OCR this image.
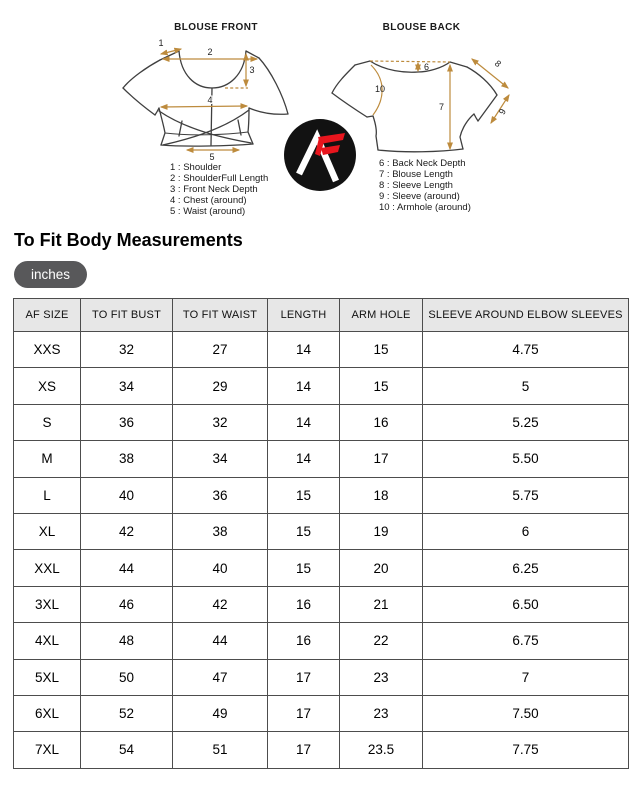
BLOUSE FRONT	BLOUSE BACK
1
2
3
4
5
6
7
8
9
10
1 : Shoulder
2 : ShoulderFull Length
3 : Front Neck Depth
4 : Chest (around)
5 : Waist (around)
6 : Back Neck Depth
7 : Blouse Length
8 : Sleeve Length
9 : Sleeve (around)
10 : Armhole (around)
To Fit Body Measurements
inches
AF SIZE	TO FIT BUST	TO FIT WAIST	LENGTH	ARM HOLE	SLEEVE AROUND ELBOW SLEEVES
XXS	32	27	14	15	4.75
XS	34	29	14	15	5
S	36	32	14	16	5.25
M	38	34	14	17	5.50
L	40	36	15	18	5.75
XL	42	38	15	19	6
XXL	44	40	15	20	6.25
3XL	46	42	16	21	6.50
4XL	48	44	16	22	6.75
5XL	50	47	17	23	7
6XL	52	49	17	23	7.50
7XL	54	51	17	23.5	7.75
